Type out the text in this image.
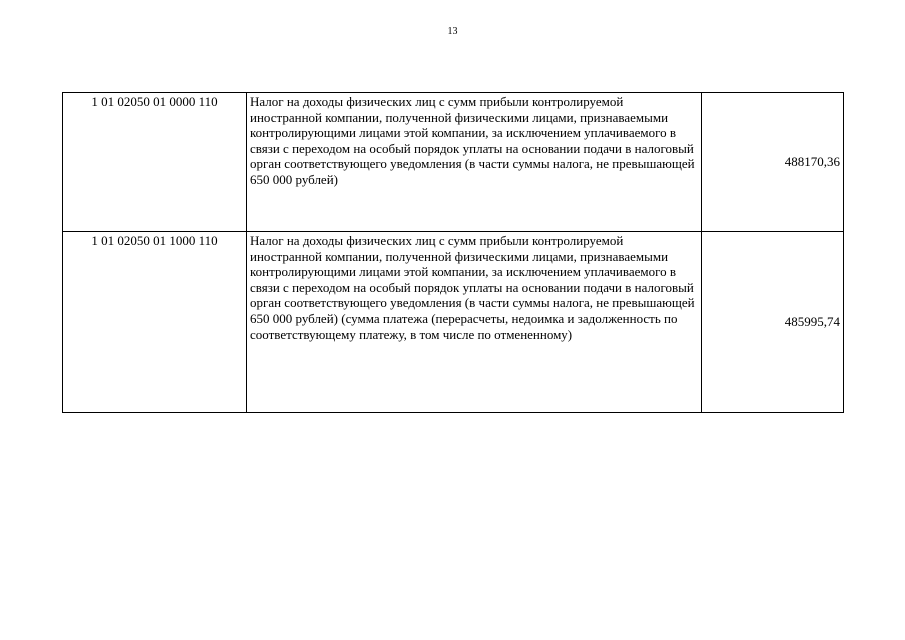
13
1 01 02050 01 0000 110	Налог на доходы физических лиц с сумм прибыли контролируемой иностранной компании, полученной физическими лицами, признаваемыми контролирующими лицами этой компании, за исключением уплачиваемого в связи с переходом на особый порядок уплаты на основании подачи в налоговый орган соответствующего уведомления (в части суммы налога, не превышающей 650 000 рублей)	488170,36
1 01 02050 01 1000 110	Налог на доходы физических лиц с сумм прибыли контролируемой иностранной компании, полученной физическими лицами, признаваемыми контролирующими лицами этой компании, за исключением уплачиваемого в связи с переходом на особый порядок уплаты на основании подачи в налоговый орган соответствующего уведомления (в части суммы налога, не превышающей 650 000 рублей) (сумма платежа (перерасчеты, недоимка и задолженность по соответствующему платежу, в том числе по отмененному)	485995,74
